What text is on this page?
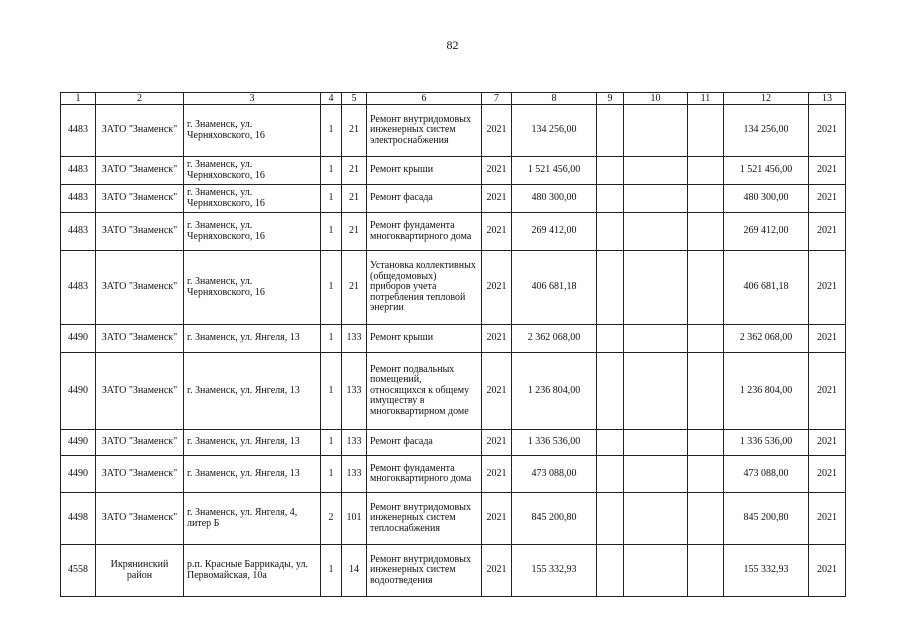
82
1	2	3	4	5	6	7	8	9	10	11	12	13
4483	ЗАТО "Знаменск"	г. Знаменск, ул. Черняховского, 16	1	21	Ремонт внутридомовых инженерных систем электроснабжения	2021	134 256,00				134 256,00	2021
4483	ЗАТО "Знаменск"	г. Знаменск, ул. Черняховского, 16	1	21	Ремонт крыши	2021	1 521 456,00				1 521 456,00	2021
4483	ЗАТО "Знаменск"	г. Знаменск, ул. Черняховского, 16	1	21	Ремонт фасада	2021	480 300,00				480 300,00	2021
4483	ЗАТО "Знаменск"	г. Знаменск, ул. Черняховского, 16	1	21	Ремонт фундамента многоквартирного дома	2021	269 412,00				269 412,00	2021
4483	ЗАТО "Знаменск"	г. Знаменск, ул. Черняховского, 16	1	21	Установка коллективных (общедомовых) приборов учета потребления тепловой энергии	2021	406 681,18				406 681,18	2021
4490	ЗАТО "Знаменск"	г. Знаменск, ул. Янгеля, 13	1	133	Ремонт крыши	2021	2 362 068,00				2 362 068,00	2021
4490	ЗАТО "Знаменск"	г. Знаменск, ул. Янгеля, 13	1	133	Ремонт подвальных помещений, относящихся к общему имуществу в многоквартирном доме	2021	1 236 804,00				1 236 804,00	2021
4490	ЗАТО "Знаменск"	г. Знаменск, ул. Янгеля, 13	1	133	Ремонт фасада	2021	1 336 536,00				1 336 536,00	2021
4490	ЗАТО "Знаменск"	г. Знаменск, ул. Янгеля, 13	1	133	Ремонт фундамента многоквартирного дома	2021	473 088,00				473 088,00	2021
4498	ЗАТО "Знаменск"	г. Знаменск, ул. Янгеля, 4, литер Б	2	101	Ремонт внутридомовых инженерных систем теплоснабжения	2021	845 200,80				845 200,80	2021
4558	Икрянинский район	р.п. Красные Баррикады, ул. Первомайская, 10а	1	14	Ремонт внутридомовых инженерных систем водоотведения	2021	155 332,93				155 332,93	2021
